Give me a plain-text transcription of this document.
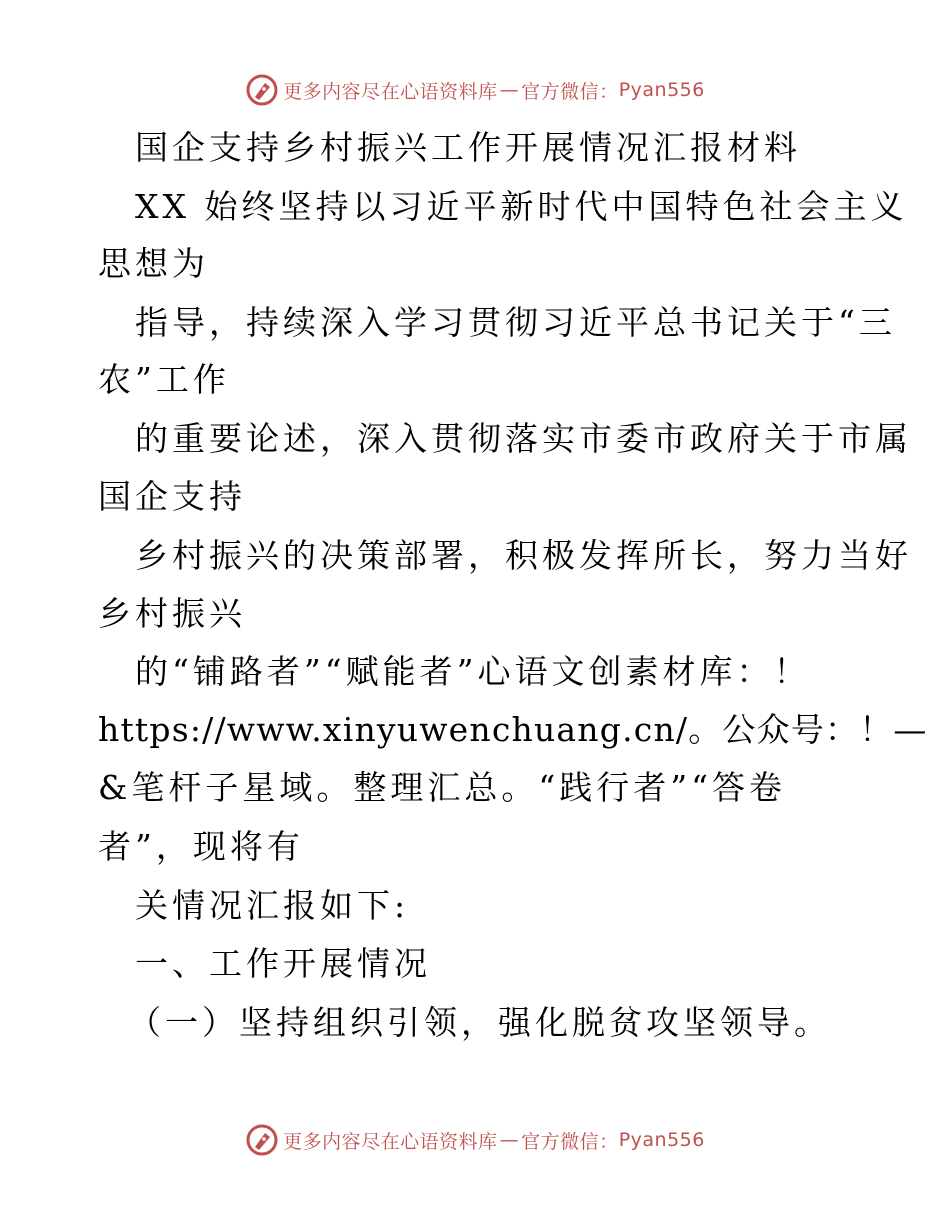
更多内容尽在心语资料库 — 官方微信： Pyan556
国企支持乡村振兴工作开展情况汇报材料
XX 始终坚持以习近平新时代中国特色社会主义
思想为
指导，持续深入学习贯彻习近平总书记关于“三
农”工作
的重要论述，深入贯彻落实市委市政府关于市属
国企支持
乡村振兴的决策部署，积极发挥所长，努力当好
乡村振兴
的“铺路者”“赋能者”心语文创素材库：！
https://www.xinyuwenchuang.cn/。公众号：！—
&笔杆子星域。整理汇总。“践行者”“答卷
者”，现将有
关情况汇报如下:
一、工作开展情况
（一）坚持组织引领，强化脱贫攻坚领导。
更多内容尽在心语资料库 — 官方微信： Pyan556
